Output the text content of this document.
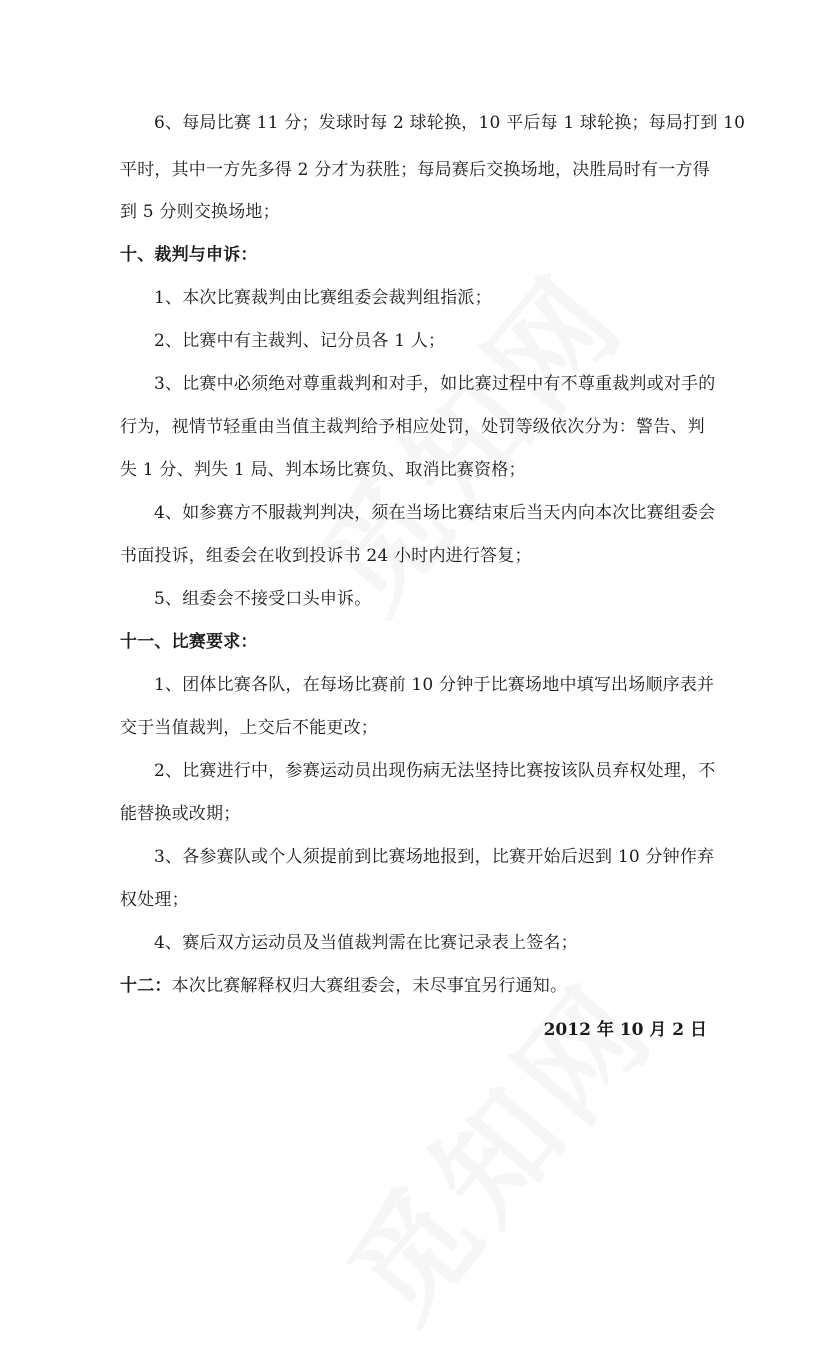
6、每局比赛 11 分；发球时每 2 球轮换，10 平后每 1 球轮换；每局打到 10
平时，其中一方先多得 2 分才为获胜；每局赛后交换场地，决胜局时有一方得
到 5 分则交换场地；
十、裁判与申诉：
1、本次比赛裁判由比赛组委会裁判组指派；
2、比赛中有主裁判、记分员各 1 人；
3、比赛中必须绝对尊重裁判和对手，如比赛过程中有不尊重裁判或对手的
行为，视情节轻重由当值主裁判给予相应处罚，处罚等级依次分为：警告、判
失 1 分、判失 1 局、判本场比赛负、取消比赛资格；
4、如参赛方不服裁判判决，须在当场比赛结束后当天内向本次比赛组委会
书面投诉，组委会在收到投诉书 24 小时内进行答复；
5、组委会不接受口头申诉。
十一、比赛要求：
1、团体比赛各队，在每场比赛前 10 分钟于比赛场地中填写出场顺序表并
交于当值裁判，上交后不能更改；
2、比赛进行中，参赛运动员出现伤病无法坚持比赛按该队员弃权处理，不
能替换或改期；
3、各参赛队或个人须提前到比赛场地报到，比赛开始后迟到 10 分钟作弃
权处理；
4、赛后双方运动员及当值裁判需在比赛记录表上签名；
十二：本次比赛解释权归大赛组委会，未尽事宜另行通知。
2012 年 10 月 2 日
